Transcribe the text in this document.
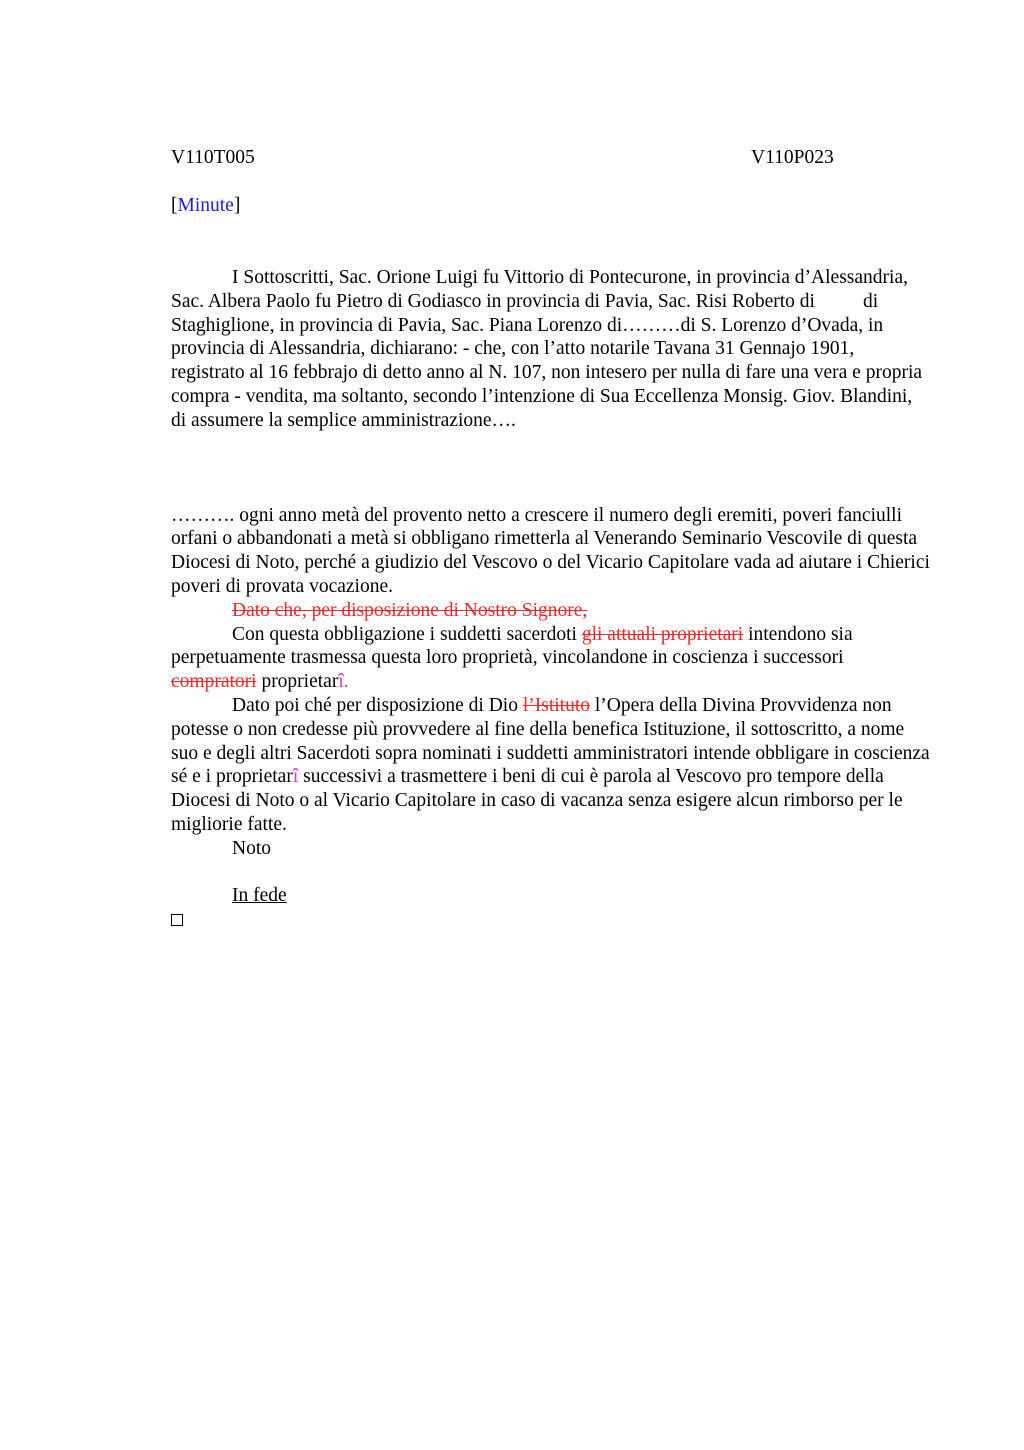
V110T005	V110P023
[Minute]

I Sottoscritti, Sac. Orione Luigi fu Vittorio di Pontecurone, in provincia d’Alessandria, Sac. Albera Paolo fu Pietro di Godiasco in provincia di Pavia, Sac. Risi Roberto di di Staghiglione, in provincia di Pavia, Sac. Piana Lorenzo di………di S. Lorenzo d’Ovada, in provincia di Alessandria, dichiarano: - che, con l’atto notarile Tavana 31 Gennajo 1901, registrato al 16 febbrajo di detto anno al N. 107, non intesero per nulla di fare una vera e propria compra - vendita, ma soltanto, secondo l’intenzione di Sua Eccellenza Monsig. Giov. Blandini, di assumere la semplice amministrazione….

………. ogni anno metà del provento netto a crescere il numero degli eremiti, poveri fanciulli orfani o abbandonati a metà si obbligano rimetterla al Venerando Seminario Vescovile di questa Diocesi di Noto, perché a giudizio del Vescovo o del Vicario Capitolare vada ad aiutare i Chierici poveri di provata vocazione.

Dato che, per disposizione di Nostro Signore,

Con questa obbligazione i suddetti sacerdoti gli attuali proprietari intendono sia perpetuamente trasmessa questa loro proprietà, vincolandone in coscienza i successori compratori proprietarî.

Dato poi ché per disposizione di Dio l’Istituto l’Opera della Divina Provvidenza non potesse o non credesse più provvedere al fine della benefica Istituzione, il sottoscritto, a nome suo e degli altri Sacerdoti sopra nominati i suddetti amministratori intende obbligare in coscienza sé e i proprietarî successivi a trasmettere i beni di cui è parola al Vescovo pro tempore della Diocesi di Noto o al Vicario Capitolare in caso di vacanza senza esigere alcun rimborso per le migliorie fatte.

Noto

In fede
